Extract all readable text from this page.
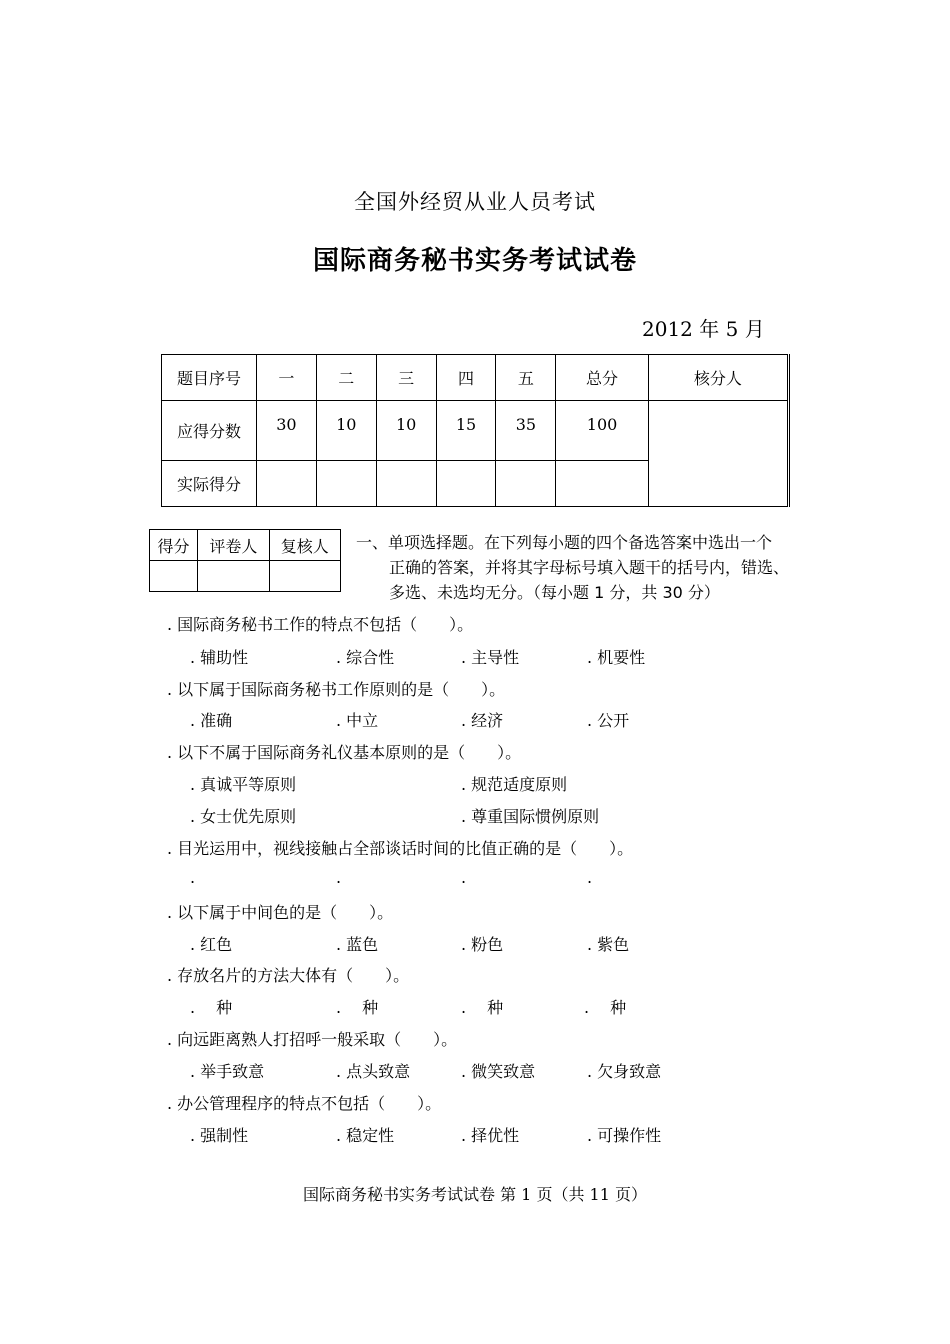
全国外经贸从业人员考试
国际商务秘书实务考试试卷
2012 年 5 月
题目序号	一	二	三	四	五	总分	核分人
应得分数	30	10	10	15	35	100	
实际得分							
得分	评卷人	复核人
		一、单项选择题。在下列每小题的四个备选答案中选出一个
正确的答案，并将其字母标号填入题干的括号内，错选、
多选、未选均无分。（每小题 1 分，共 30 分）
. 国际商务秘书工作的特点不包括（　　）。
. 辅助性	. 综合性	. 主导性	. 机要性
. 以下属于国际商务秘书工作原则的是（　　）。
. 准确	. 中立	. 经济	. 公开
. 以下不属于国际商务礼仪基本原则的是（　　）。
. 真诚平等原则	. 规范适度原则
. 女士优先原则	. 尊重国际惯例原则
. 目光运用中，视线接触占全部谈话时间的比值正确的是（　　）。
.	.	.	.
. 以下属于中间色的是（　　）。
. 红色	. 蓝色	. 粉色	. 紫色
. 存放名片的方法大体有（　　）。
.　 种	.　 种	.　 种	.　 种
. 向远距离熟人打招呼一般采取（　　）。
. 举手致意	. 点头致意	. 微笑致意	. 欠身致意
. 办公管理程序的特点不包括（　　）。
. 强制性	. 稳定性	. 择优性	. 可操作性
国际商务秘书实务考试试卷 第 1 页（共 11 页）
